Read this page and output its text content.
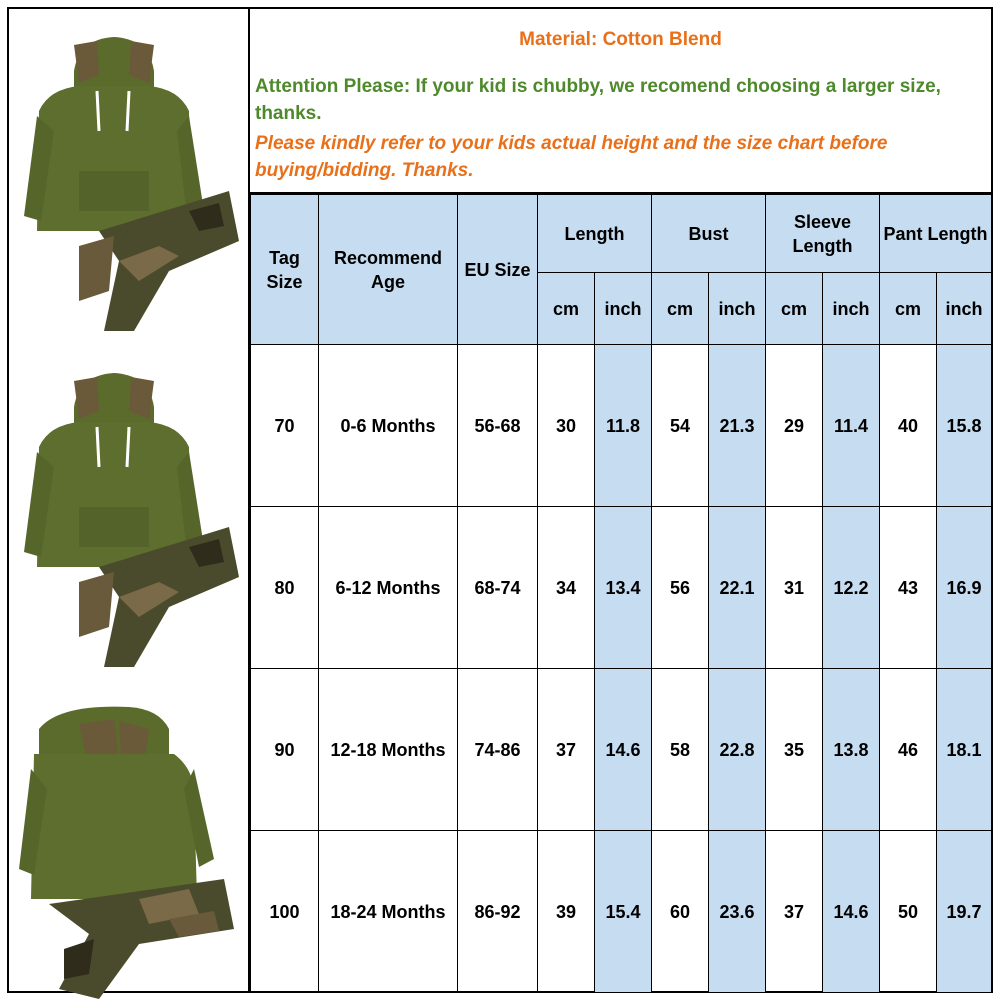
Material: Cotton Blend
Attention Please: If your kid is chubby, we recomend choosing a larger size, thanks.
Please kindly refer to your kids actual height and the size chart before buying/bidding. Thanks.
Tag Size	Recommend Age	EU Size	Length		Bust		Sleeve Length		Pant Length	
			cm	inch	cm	inch	cm	inch	cm	inch
70	0-6 Months	56-68	30	11.8	54	21.3	29	11.4	40	15.8
80	6-12 Months	68-74	34	13.4	56	22.1	31	12.2	43	16.9
90	12-18 Months	74-86	37	14.6	58	22.8	35	13.8	46	18.1
100	18-24 Months	86-92	39	15.4	60	23.6	37	14.6	50	19.7
